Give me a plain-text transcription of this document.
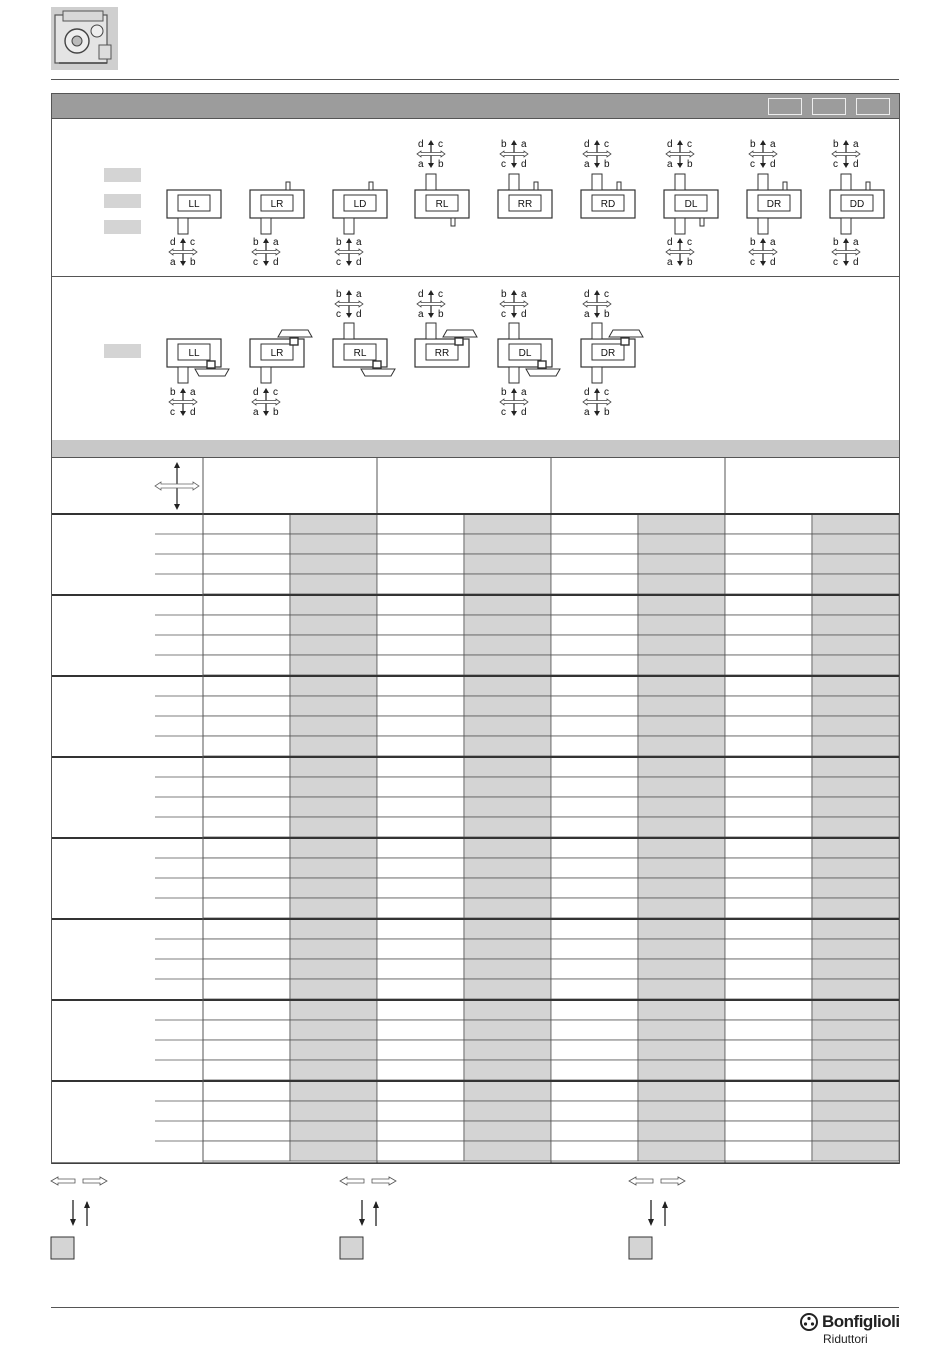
LL
d c
a b
LR
b a
c d
LD
b a
c d
RL
d c
a b
RR
b a
c d
RD
d c
a b
DL
d c
a b
d c
a b
DR
b a
c d
b a
c d
DD
b a
c d
b a
c d
LL
b a
c d
LR
d c
a b
RL
b a
c d
RR
d c
a b
DL
b a
c d
b a
c d
DR
d c
a b
d c
a b
Bonfiglioli
Riduttori
